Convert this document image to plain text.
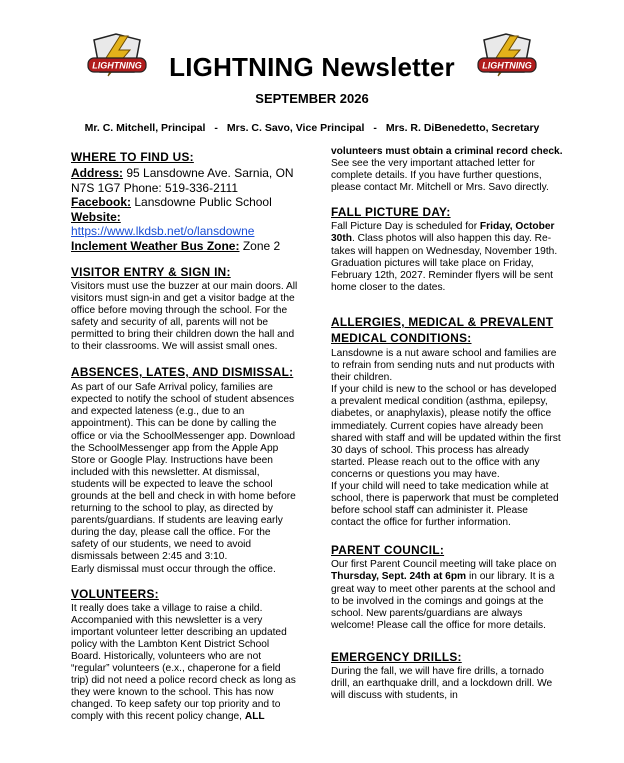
LIGHTNING	LIGHTNING
LIGHTNING Newsletter
SEPTEMBER 2026
Mr. C. Mitchell, Principal - Mrs. C. Savo, Vice Principal - Mrs. R. DiBenedetto, Secretary
WHERE TO FIND US:

Address: 95 Lansdowne Ave. Sarnia, ON N7S 1G7 Phone: 519-336-2111

Facebook: Lansdowne Public School

Website:

https://www.lkdsb.net/o/lansdowne

Inclement Weather Bus Zone: Zone 2

VISITOR ENTRY & SIGN IN:

Visitors must use the buzzer at our main doors. All visitors must sign-in and get a visitor badge at the office before moving through the school. For the safety and security of all, parents will not be permitted to bring their children down the hall and to their classrooms. We will assist small ones.

ABSENCES, LATES, AND DISMISSAL:

As part of our Safe Arrival policy, families are expected to notify the school of student absences and expected lateness (e.g., due to an appointment). This can be done by calling the office or via the SchoolMessenger app. Download the SchoolMessenger app from the Apple App Store or Google Play. Instructions have been included with this newsletter. At dismissal, students will be expected to leave the school grounds at the bell and check in with home before returning to the school to play, as directed by parents/guardians. If students are leaving early during the day, please call the office. For the safety of our students, we need to avoid dismissals between 2:45 and 3:10.

Early dismissal must occur through the office.

VOLUNTEERS:

It really does take a village to raise a child. Accompanied with this newsletter is a very important volunteer letter describing an updated policy with the Lambton Kent District School Board. Historically, volunteers who are not “regular” volunteers (e.x., chaperone for a field trip) did not need a police record check as long as they were known to the school. This has now changed. To keep safety our top priority and to comply with this recent policy change, ALL

volunteers must obtain a criminal record check. See see the very important attached letter for complete details. If you have further questions, please contact Mr. Mitchell or Mrs. Savo directly.

FALL PICTURE DAY:

Fall Picture Day is scheduled for Friday, October 30th. Class photos will also happen this day. Re-takes will happen on Wednesday, November 19th. Graduation pictures will take place on Friday, February 12th, 2027. Reminder flyers will be sent home closer to the dates.

ALLERGIES, MEDICAL & PREVALENT MEDICAL CONDITIONS:

Lansdowne is a nut aware school and families are to refrain from sending nuts and nut products with their children.

If your child is new to the school or has developed a prevalent medical condition (asthma, epilepsy, diabetes, or anaphylaxis), please notify the office immediately. Current copies have already been shared with staff and will be updated within the first 30 days of school. This process has already started. Please reach out to the office with any concerns or questions you may have.

If your child will need to take medication while at school, there is paperwork that must be completed before school staff can administer it. Please contact the office for further information.

PARENT COUNCIL:

Our first Parent Council meeting will take place on Thursday, Sept. 24th at 6pm in our library. It is a great way to meet other parents at the school and to be involved in the comings and goings at the school. New parents/guardians are always welcome! Please call the office for more details.

EMERGENCY DRILLS:

During the fall, we will have fire drills, a tornado drill, an earthquake drill, and a lockdown drill. We will discuss with students, in
